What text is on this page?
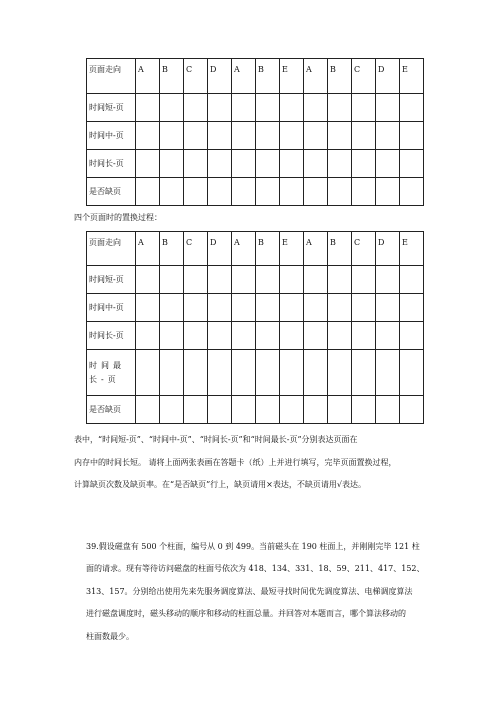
页面走向	A	B	C	D	A	B	E	A	B	C	D	E
时间短-页												
时间中-页												
时间长-页												
是否缺页												
四个页面时的置换过程：
页面走向	A	B	C	D	A	B	E	A	B	C	D	E
时间短-页												
时间中-页												
时间长-页												
时间最长-页												
是否缺页												
表中，“时间短-页”、“时间中-页”、“时间长-页”和“时间最长-页”分别表达页面在
内存中的时间长短。 请将上面两张表画在答题卡（纸）上并进行填写，完毕页面置换过程，
计算缺页次数及缺页率。在“是否缺页”行上，缺页请用×表达，不缺页请用√表达。
39.假设磁盘有 500 个柱面，编号从 0 到 499。当前磁头在 190 柱面上，并刚刚完毕 121 柱
面的请求。现有等待访问磁盘的柱面号依次为 418、134、331、18、59、211、417、152、
313、157。分别给出使用先来先服务调度算法、最短寻找时间优先调度算法、电梯调度算法
进行磁盘调度时，磁头移动的顺序和移动的柱面总量。并回答对本题而言，哪个算法移动的
柱面数最少。
